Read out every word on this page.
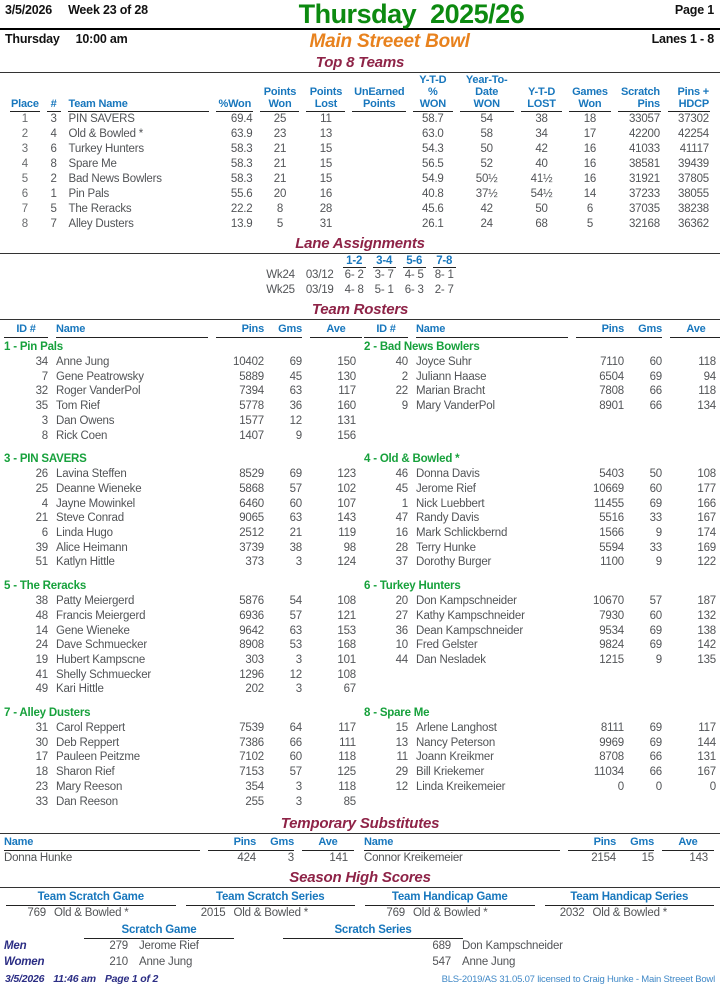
3/5/2026 Week 23 of 28	Thursday  2025/26	Page 1
Thursday 10:00 am	Main Streeet Bowl	Lanes 1 - 8
Top 8 Teams
Place	#	Team Name	%Won

Points
Won

Points
Lost

UnEarned
Points

Y-T-D
% WON

Year-To-Date
WON

Y-T-D
LOST

Games
Won

Scratch
Pins

Pins +
HDCP

1	3	PIN SAVERS	69.4	25	11		58.7	54	38	18	33057	37302
2	4	Old & Bowled *	63.9	23	13		63.0	58	34	17	42200	42254
3	6	Turkey Hunters	58.3	21	15		54.3	50	42	16	41033	41117
4	8	Spare Me	58.3	21	15		56.5	52	40	16	38581	39439
5	2	Bad News Bowlers	58.3	21	15		54.9	50½	41½	16	31921	37805
6	1	Pin Pals	55.6	20	16		40.8	37½	54½	14	37233	38055
7	5	The Reracks	22.2	8	28		45.6	42	50	6	37035	38238
8	7	Alley Dusters	13.9	5	31		26.1	24	68	5	32168	36362
Lane Assignments
		1-2	3-4	5-6	7-8
Wk24	03/12	6- 2	3- 7	4- 5	8- 1
Wk25	03/19	4- 8	5- 1	6- 3	2- 7
Team Rosters
ID #	Name	Pins	Gms	Ave	ID #	Name	Pins	Gms	Ave
1 - Pin Pals
34 Anne Jung	10402	69	150
7 Gene Peatrowsky	5889	45	130
32 Roger VanderPol	7394	63	117
35 Tom Rief	5778	36	160
3 Dan Owens	1577	12	131
8 Rick Coen	1407	9	156
3 - PIN SAVERS
26 Lavina Steffen	8529	69	123
25 Deanne Wieneke	5868	57	102
4 Jayne Mowinkel	6460	60	107
21 Steve Conrad	9065	63	143
6 Linda Hugo	2512	21	119
39 Alice Heimann	3739	38	98
51 Katlyn Hittle	373	3	124
5 - The Reracks
38 Patty Meiergerd	5876	54	108
48 Francis Meiergerd	6936	57	121
14 Gene Wieneke	9642	63	153
24 Dave Schmuecker	8908	53	168
19 Hubert Kampscne	303	3	101
41 Shelly Schmuecker	1296	12	108
49 Kari Hittle	202	3	67
7 - Alley Dusters
31 Carol Reppert	7539	64	117
30 Deb Reppert	7386	66	111
17 Pauleen Peitzme	7102	60	118
18 Sharon Rief	7153	57	125
23 Mary Reeson	354	3	118
33 Dan Reeson	255	3	85
2 - Bad News Bowlers
40 Joyce Suhr	7110	60	118
2 Juliann Haase	6504	69	94
22 Marian Bracht	7808	66	118
9 Mary VanderPol	8901	66	134
4 - Old & Bowled *
46 Donna Davis	5403	50	108
45 Jerome Rief	10669	60	177
1 Nick Luebbert	11455	69	166
47 Randy Davis	5516	33	167
16 Mark Schlickbernd	1566	9	174
28 Terry Hunke	5594	33	169
37 Dorothy Burger	1100	9	122
6 - Turkey Hunters
20 Don Kampschneider	10670	57	187
27 Kathy Kampschneider	7930	60	132
36 Dean Kampschneider	9534	69	138
10 Fred Gelster	9824	69	142
44 Dan Nesladek	1215	9	135
8 - Spare Me
15 Arlene Langhost	8111	69	117
13 Nancy Peterson	9969	69	144
11 Joann Kreikmer	8708	66	131
29 Bill Kriekemer	11034	66	167
12 Linda Kreikemeier	0	0	0
Temporary Substitutes
Name	Pins	Gms	Ave
Donna Hunke	424	3	141
Name	Pins	Gms	Ave
Connor Kreikemeier	2154	15	143
Season High Scores
Team Scratch Game
769 Old & Bowled *
Team Scratch Series
2015 Old & Bowled *
Team Handicap Game
769 Old & Bowled *
Team Handicap Series
2032 Old & Bowled *
Scratch Game	Scratch Series
Men	279 Jerome Rief	689 Don Kampschneider
Women	210 Anne Jung	547 Anne Jung
3/5/2026 11:46 am Page 1 of 2	BLS-2019/AS 31.05.07 licensed to Craig Hunke - Main Streeet Bowl
